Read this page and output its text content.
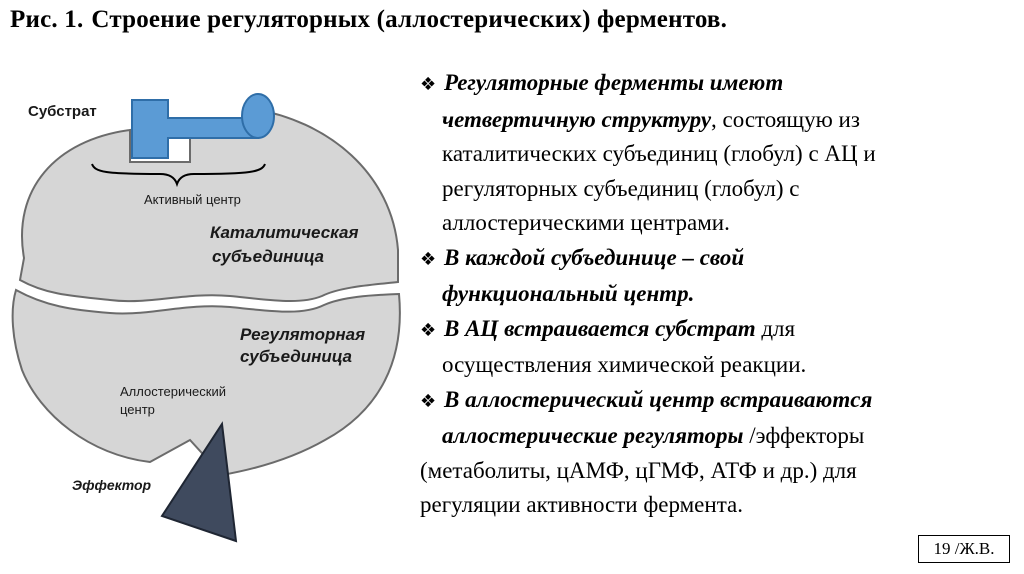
Рис. 1. Строение регуляторных (аллостерических) ферментов.
Субстрат
Активный центр
Каталитическая
субъединица
Регуляторная
субъединица
Аллостерический
центр
Эффектор

❖ Регуляторные ферменты имеют

четвертичную структуру, состоящую из

каталитических субъединиц (глобул) с АЦ и

регуляторных субъединиц (глобул) с

аллостерическими центрами.

❖ В каждой субъединице – свой

функциональный центр.

❖ В АЦ встраивается субстрат для

осуществления химической реакции.

❖ В аллостерический центр встраиваются

аллостерические регуляторы /эффекторы

(метаболиты, цАМФ, цГМФ, АТФ и др.) для

регуляции активности фермента.

19 /Ж.В.
